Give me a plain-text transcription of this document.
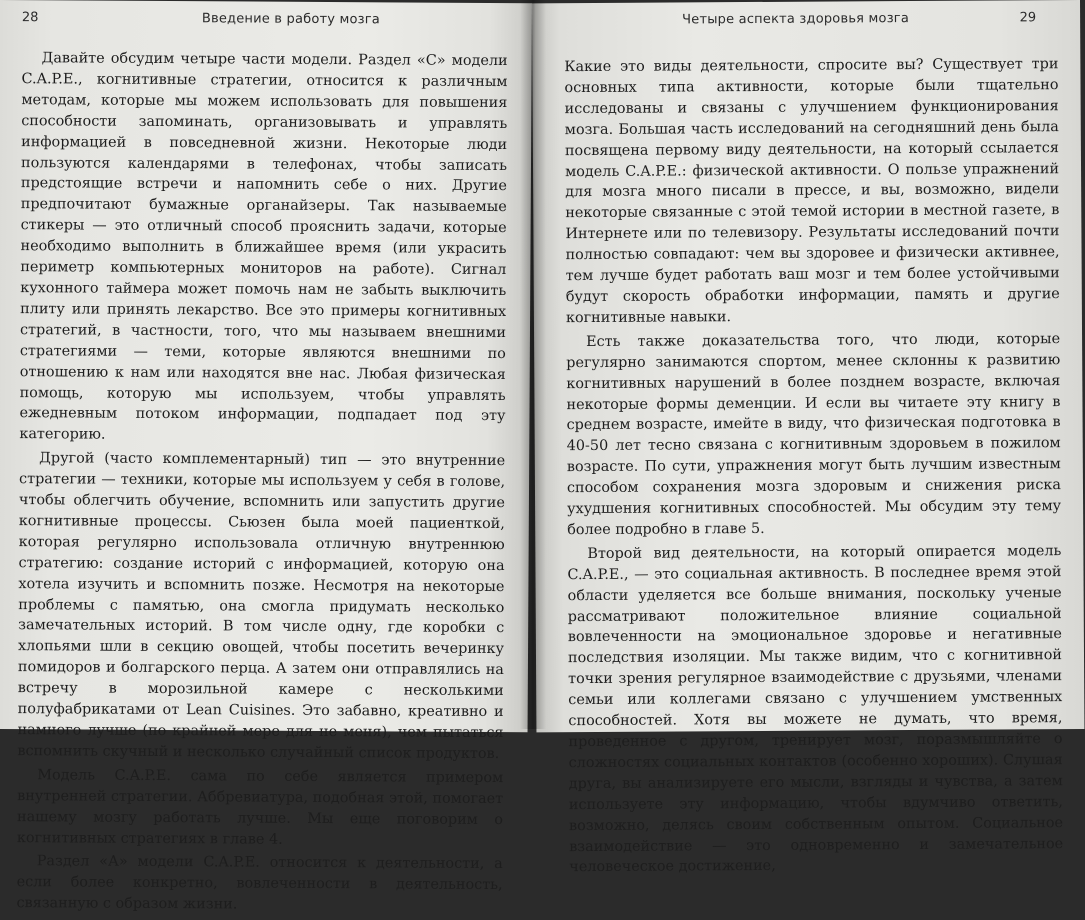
28	Введение в работу мозга

Давайте обсудим четыре части модели. Раздел «С» модели C.A.P.E., когнитивные стратегии, относится к различным методам, которые мы можем использовать для повышения способности запоминать, организовывать и управлять информацией в повседневной жизни. Некоторые люди пользуются календарями в телефонах, чтобы записать предстоящие встречи и напомнить себе о них. Другие предпочитают бумажные органайзеры. Так называемые стикеры — это отличный способ прояснить задачи, которые необходимо выполнить в ближайшее время (или украсить периметр компьютерных мониторов на работе). Сигнал кухонного таймера может помочь нам не забыть выключить плиту или принять лекарство. Все это примеры когнитивных стратегий, в частности, того, что мы называем внешними стратегиями — теми, которые являются внешними по отношению к нам или находятся вне нас. Любая физическая помощь, которую мы используем, чтобы управлять ежедневным потоком информации, подпадает под эту категорию.

Другой (часто комплементарный) тип — это внутренние стратегии — техники, которые мы используем у себя в голове, чтобы облегчить обучение, вспомнить или запустить другие когнитивные процессы. Сьюзен была моей пациенткой, которая регулярно использовала отличную внутреннюю стратегию: создание историй с информацией, которую она хотела изучить и вспомнить позже. Несмотря на некоторые проблемы с памятью, она смогла придумать несколько замечательных историй. В том числе одну, где коробки с хлопьями шли в секцию овощей, чтобы посетить вечеринку помидоров и болгарского перца. А затем они отправлялись на встречу в морозильной камере с несколькими полуфабрикатами от Lean Cuisines. Это забавно, креативно и намного лучше (по крайней мере для не меня), чем пытаться вспомнить скучный и несколько случайный список продуктов.

Модель C.A.P.E. сама по себе является примером внутренней стратегии. Аббревиатура, подобная этой, помогает нашему мозгу работать лучше. Мы еще поговорим о когнитивных стратегиях в главе 4.

Раздел «А» модели C.A.P.E. относится к деятельности, а если более конкретно, вовлеченности в деятельность, связанную с образом жизни.

Четыре аспекта здоровья мозга	29

Какие это виды деятельности, спросите вы? Существует три основных типа активности, которые были тщательно исследованы и связаны с улучшением функционирования мозга. Большая часть исследований на сегодняшний день была посвящена первому виду деятельности, на который ссылается модель C.A.P.E.: физической активности. О пользе упражнений для мозга много писали в прессе, и вы, возможно, видели некоторые связанные с этой темой истории в местной газете, в Интернете или по телевизору. Результаты исследований почти полностью совпадают: чем вы здоровее и физически активнее, тем лучше будет работать ваш мозг и тем более устойчивыми будут скорость обработки информации, память и другие когнитивные навыки.

Есть также доказательства того, что люди, которые регулярно занимаются спортом, менее склонны к развитию когнитивных нарушений в более позднем возрасте, включая некоторые формы деменции. И если вы читаете эту книгу в среднем возрасте, имейте в виду, что физическая подготовка в 40-50 лет тесно связана с когнитивным здоровьем в пожилом возрасте. По сути, упражнения могут быть лучшим известным способом сохранения мозга здоровым и снижения риска ухудшения когнитивных способностей. Мы обсудим эту тему более подробно в главе 5.

Второй вид деятельности, на который опирается модель C.A.P.E., — это социальная активность. В последнее время этой области уделяется все больше внимания, поскольку ученые рассматривают положительное влияние социальной вовлеченности на эмоциональное здоровье и негативные последствия изоляции. Мы также видим, что с когнитивной точки зрения регулярное взаимодействие с друзьями, членами семьи или коллегами связано с улучшением умственных способностей. Хотя вы можете не думать, что время, проведенное с другом, тренирует мозг, поразмышляйте о сложностях социальных контактов (особенно хороших). Слушая друга, вы анализируете его мысли, взгляды и чувства, а затем используете эту информацию, чтобы вдумчиво ответить, возможно, делясь своим собственным опытом. Социальное взаимодействие — это одновременно и замечательное человеческое достижение,
